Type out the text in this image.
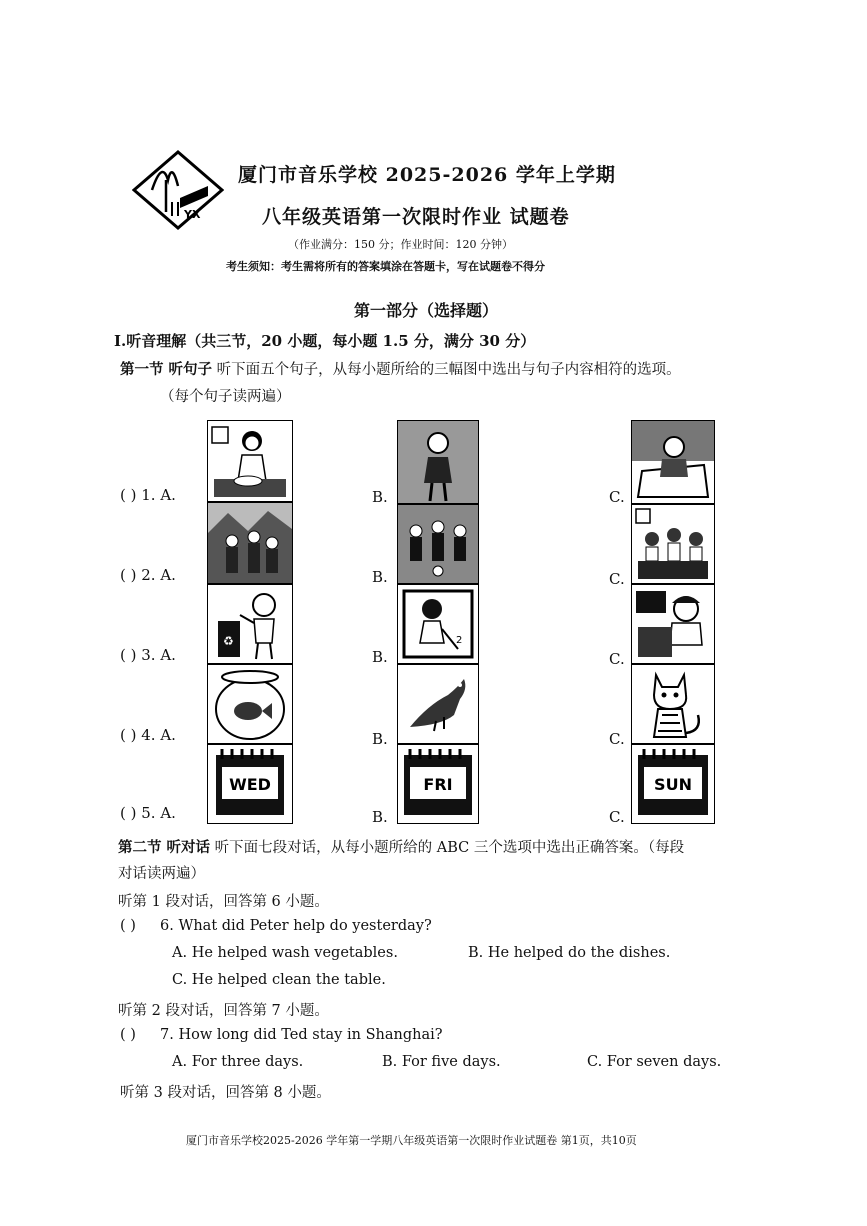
YX
厦门市音乐学校 2025-2026 学年上学期
八年级英语第一次限时作业 试题卷
（作业满分：150 分；作业时间：120 分钟）
考生须知：考生需将所有的答案填涂在答题卡，写在试题卷不得分
第一部分（选择题）
Ⅰ.听音理解（共三节，20 小题，每小题 1.5 分，满分 30 分）
第一节 听句子 听下面五个句子，从每小题所给的三幅图中选出与句子内容相符的选项。
（每个句子读两遍）
♻
WED
2
FRI	SUN
( ) 1. A.	B.	C.
( ) 2. A.	B.	C.
( ) 3. A.	B.	C.
( ) 4. A.	B.	C.
( ) 5. A.	B.	C.
第二节 听对话 听下面七段对话，从每小题所给的 ABC 三个选项中选出正确答案。（每段
对话读两遍）
听第 1 段对话，回答第 6 小题。
( ) 6. What did Peter help do yesterday?
A. He helped wash vegetables.	B. He helped do the dishes.
C. He helped clean the table.
听第 2 段对话，回答第 7 小题。
( ) 7. How long did Ted stay in Shanghai?
A. For three days.	B. For five days.	C. For seven days.
听第 3 段对话，回答第 8 小题。
厦门市音乐学校2025-2026 学年第一学期八年级英语第一次限时作业试题卷 第1页，共10页
